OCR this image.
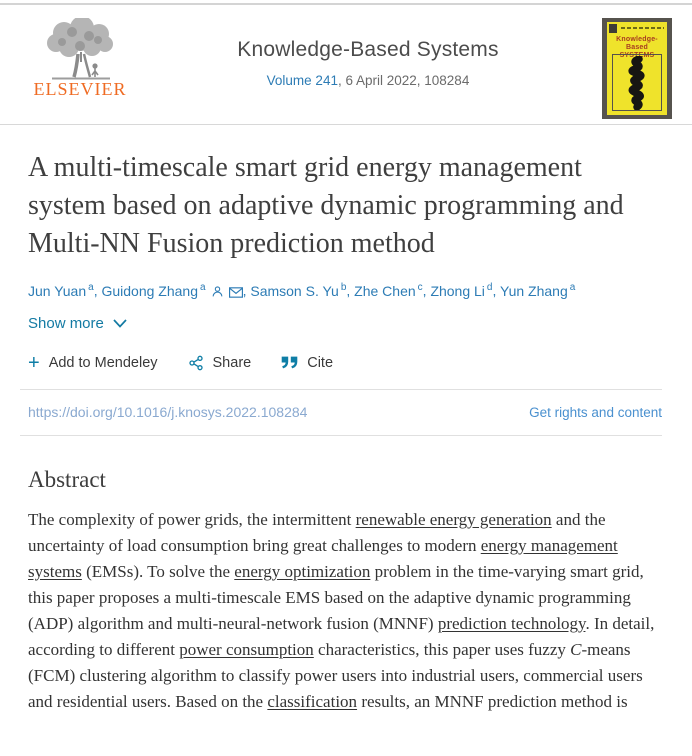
ELSEVIER
Knowledge-Based Systems
Volume 241, 6 April 2022, 108284
Knowledge-Based
SYSTEMS
A multi-timescale smart grid energy management system based on adaptive dynamic programming and Multi-NN Fusion prediction method
Jun Yuan $^a$, Guidong Zhang $^a$	, Samson S. Yu $^b$, Zhe Chen $^c$, Zhong Li $^d$, Yun Zhang $^a$
Show more
+ Add to Mendeley	Share	Cite
https://doi.org/10.1016/j.knosys.2022.108284	Get rights and content
Abstract

The complexity of power grids, the intermittent renewable energy generation and the uncertainty of load consumption bring great challenges to modern energy management systems (EMSs). To solve the energy optimization problem in the time-varying smart grid, this paper proposes a multi-timescale EMS based on the adaptive dynamic programming (ADP) algorithm and multi-neural-network fusion (MNNF) prediction technology. In detail, according to different power consumption characteristics, this paper uses fuzzy C-means (FCM) clustering algorithm to classify power users into industrial users, commercial users and residential users. Based on the classification results, an MNNF prediction method is
